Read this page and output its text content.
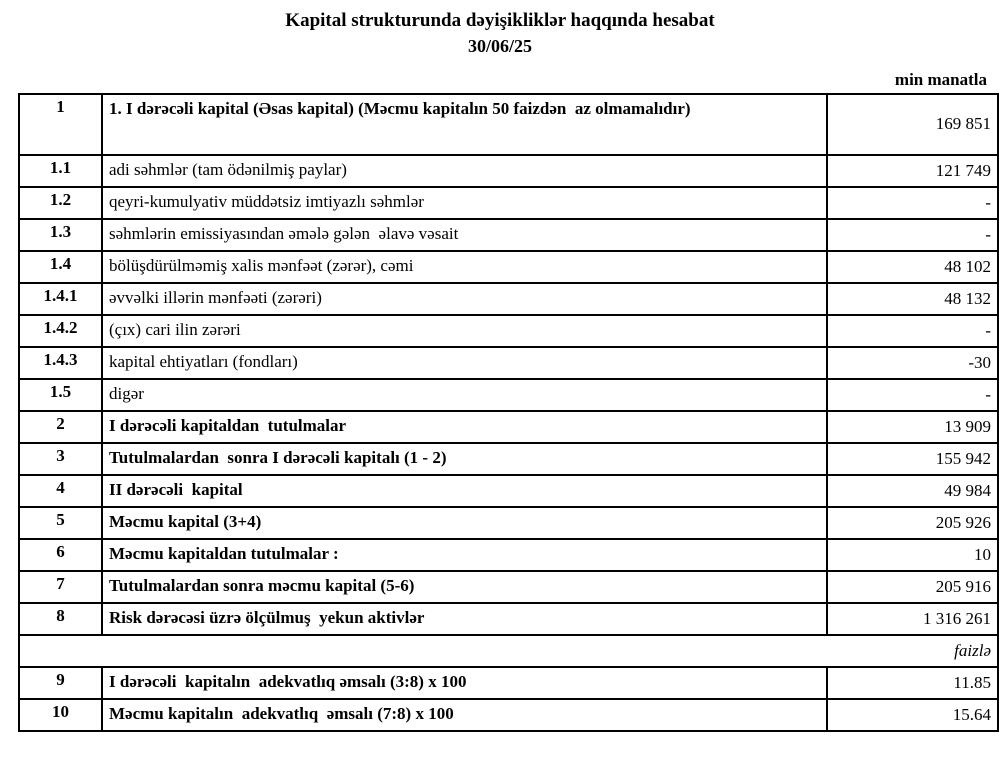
Kapital strukturunda dəyişikliklər haqqında hesabat
30/06/25
min manatla
1	1. I dərəcəli kapital (Əsas kapital) (Məcmu kapitalın 50 faizdən  az olmamalıdır)	169 851
1.1	adi səhmlər (tam ödənilmiş paylar)	121 749
1.2	qeyri-kumulyativ müddətsiz imtiyazlı səhmlər	-
1.3	səhmlərin emissiyasından əmələ gələn  əlavə vəsait	-
1.4	bölüşdürülməmiş xalis mənfəət (zərər), cəmi	48 102
1.4.1	əvvəlki illərin mənfəəti (zərəri)	48 132
1.4.2	(çıx) cari ilin zərəri	-
1.4.3	kapital ehtiyatları (fondları)	-30
1.5	digər	-
2	I dərəcəli kapitaldan  tutulmalar	13 909
3	Tutulmalardan  sonra I dərəcəli kapitalı (1 - 2)	155 942
4	II dərəcəli  kapital	49 984
5	Məcmu kapital (3+4)	205 926
6	Məcmu kapitaldan tutulmalar :	10
7	Tutulmalardan sonra məcmu kapital (5-6)	205 916
8	Risk dərəcəsi üzrə ölçülmuş  yekun aktivlər	1 316 261
faizlə		
9	I dərəcəli  kapitalın  adekvatlıq əmsalı (3:8) x 100	11.85
10	Məcmu kapitalın  adekvatlıq  əmsalı (7:8) x 100	15.64
